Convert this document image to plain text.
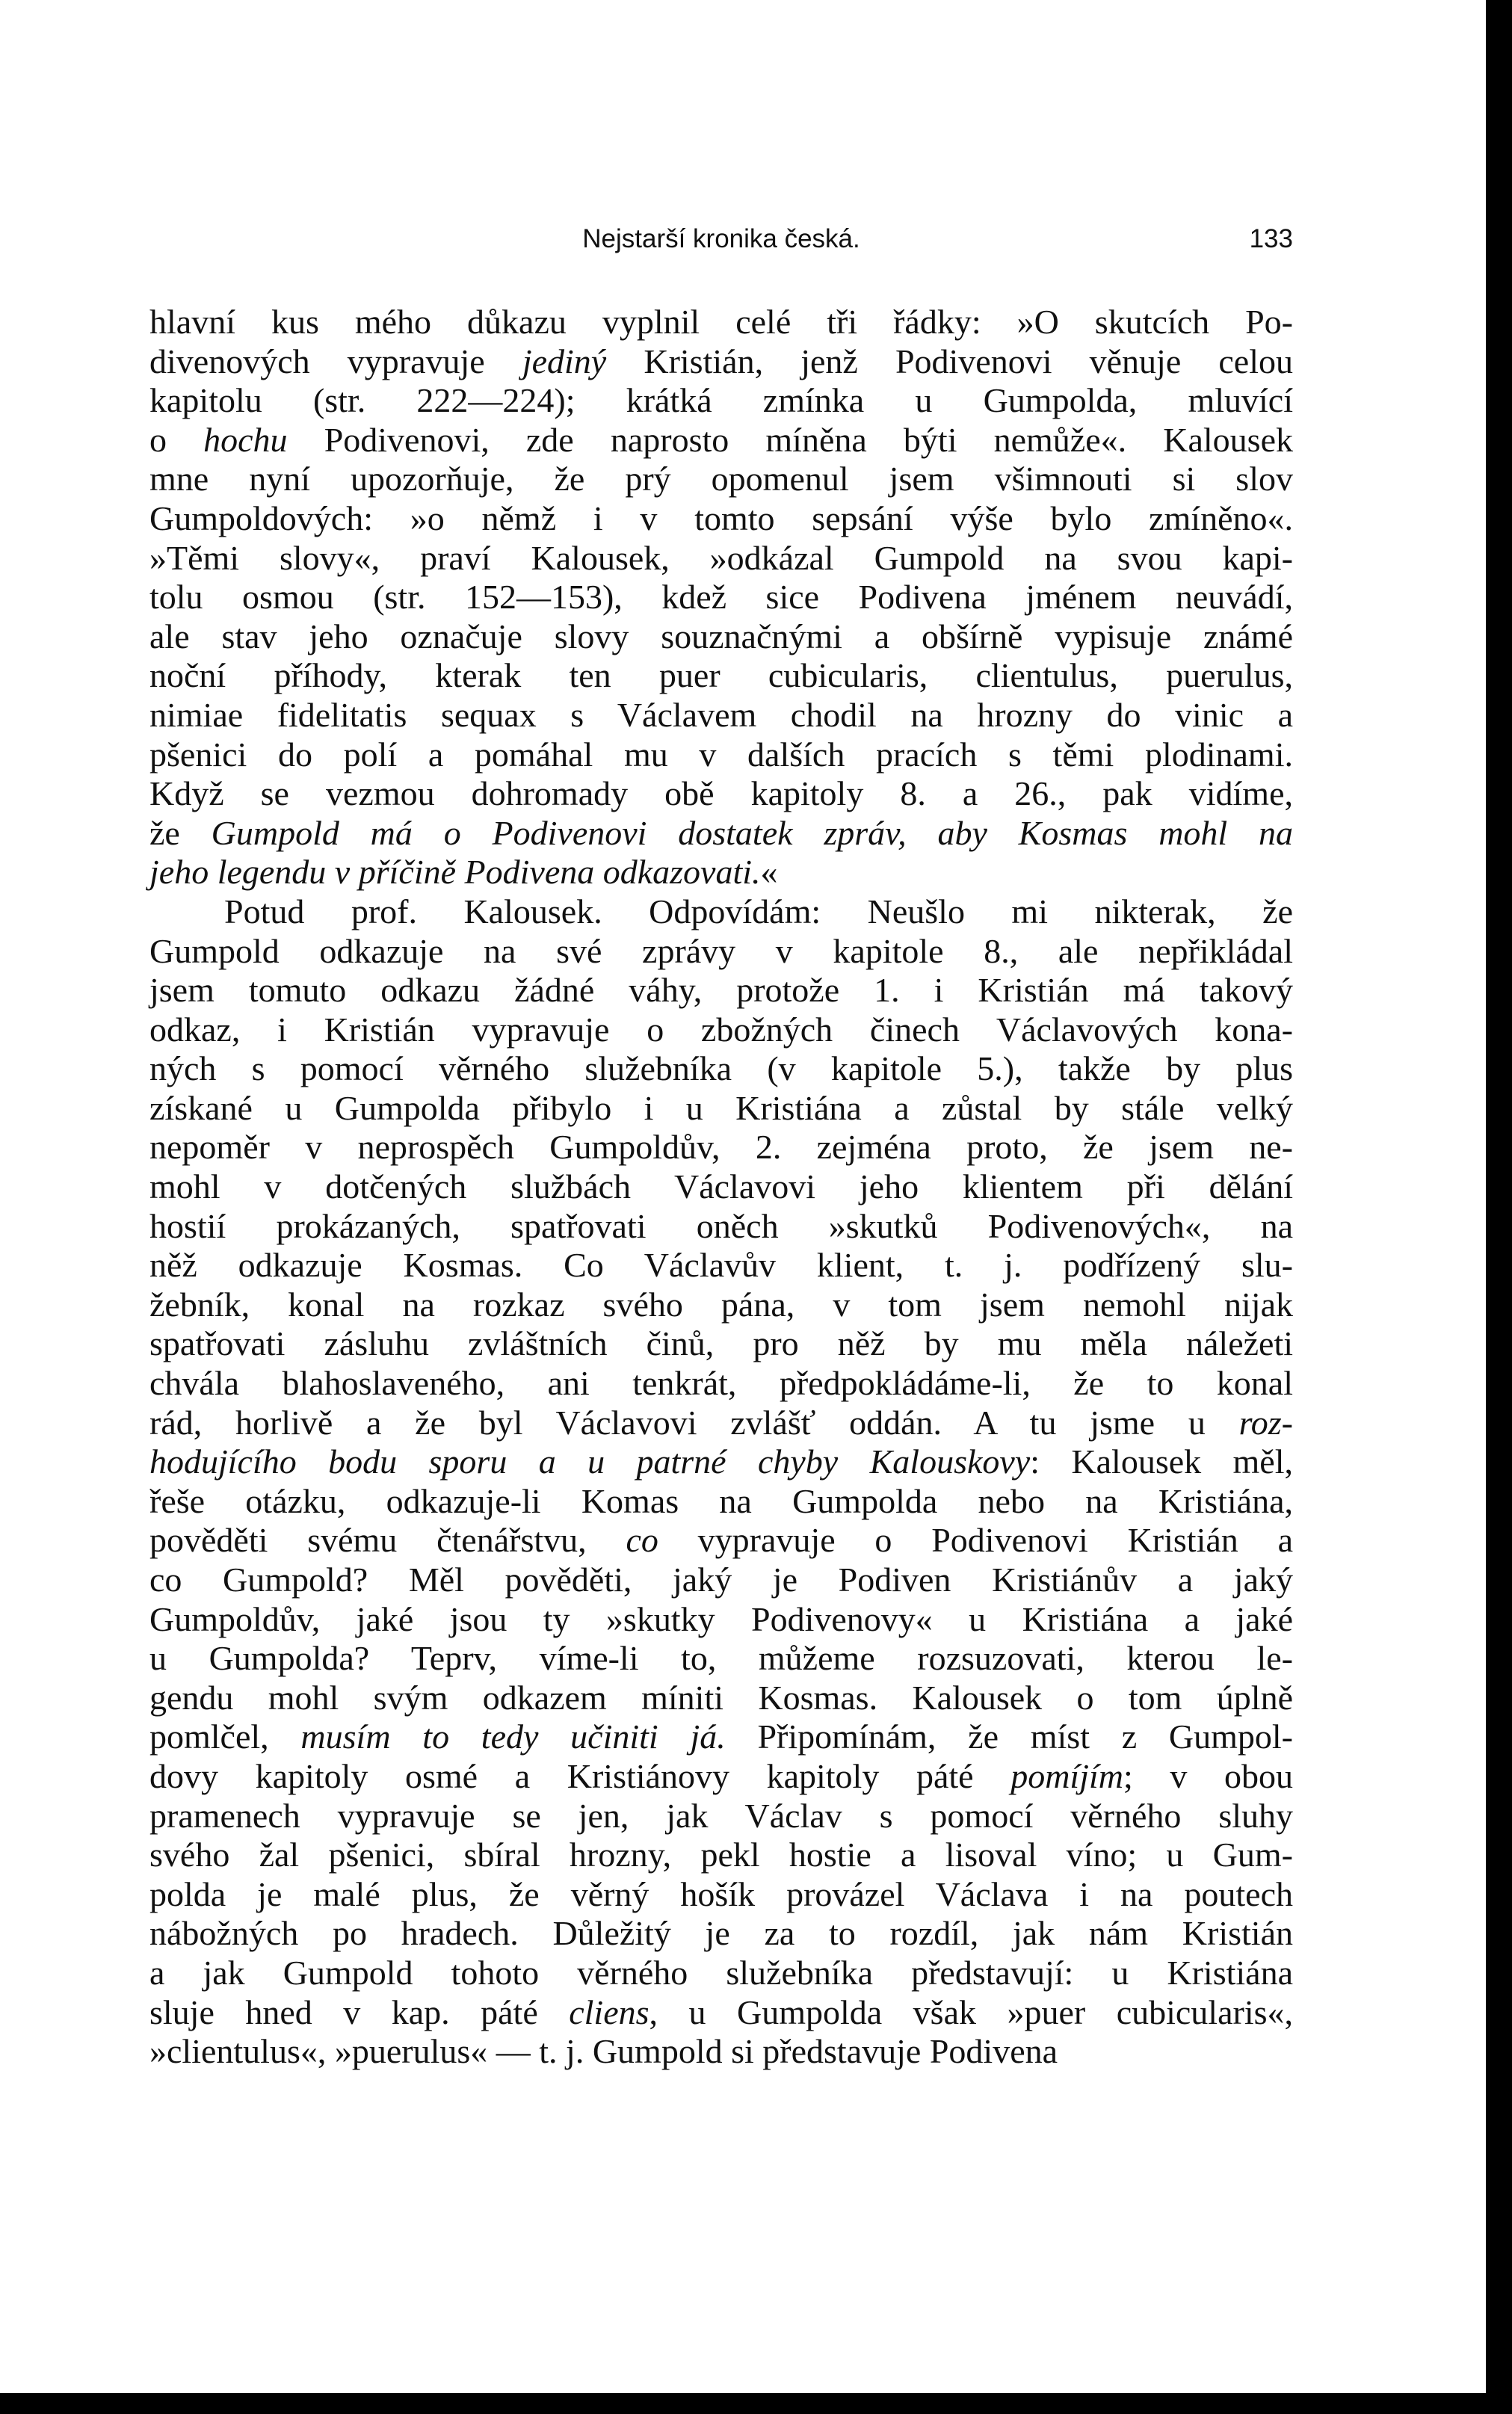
Nejstarší kronika česká.	133
hlavní kus mého důkazu vyplnil celé tři řádky: »O skutcích Po-
divenových vypravuje jediný Kristián, jenž Podivenovi věnuje celou
kapitolu (str. 222—224); krátká zmínka u Gumpolda, mluvící
o hochu Podivenovi, zde naprosto míněna býti nemůže«. Kalousek
mne nyní upozorňuje, že prý opomenul jsem všimnouti si slov
Gumpoldových: »o němž i v tomto sepsání výše bylo zmíněno«.
»Těmi slovy«, praví Kalousek, »odkázal Gumpold na svou kapi-
tolu osmou (str. 152—153), kdež sice Podivena jménem neuvádí,
ale stav jeho označuje slovy souznačnými a obšírně vypisuje známé
noční příhody, kterak ten puer cubicularis, clientulus, puerulus,
nimiae fidelitatis sequax s Václavem chodil na hrozny do vinic a
pšenici do polí a pomáhal mu v dalších pracích s těmi plodinami.
Když se vezmou dohromady obě kapitoly 8. a 26., pak vidíme,
že Gumpold má o Podivenovi dostatek zpráv, aby Kosmas mohl na
jeho legendu v příčině Podivena odkazovati.«
Potud prof. Kalousek. Odpovídám: Neušlo mi nikterak, že
Gumpold odkazuje na své zprávy v kapitole 8., ale nepřikládal
jsem tomuto odkazu žádné váhy, protože 1. i Kristián má takový
odkaz, i Kristián vypravuje o zbožných činech Václavových kona-
ných s pomocí věrného služebníka (v kapitole 5.), takže by plus
získané u Gumpolda přibylo i u Kristiána a zůstal by stále velký
nepoměr v neprospěch Gumpoldův, 2. zejména proto, že jsem ne-
mohl v dotčených službách Václavovi jeho klientem při dělání
hostií prokázaných, spatřovati oněch »skutků Podivenových«, na
něž odkazuje Kosmas. Co Václavův klient, t. j. podřízený slu-
žebník, konal na rozkaz svého pána, v tom jsem nemohl nijak
spatřovati zásluhu zvláštních činů, pro něž by mu měla náležeti
chvála blahoslaveného, ani tenkrát, předpokládáme-li, že to konal
rád, horlivě a že byl Václavovi zvlášť oddán. A tu jsme u roz-
hodujícího bodu sporu a u patrné chyby Kalouskovy: Kalousek měl,
řeše otázku, odkazuje-li Komas na Gumpolda nebo na Kristiána,
pověděti svému čtenářstvu, co vypravuje o Podivenovi Kristián a
co Gumpold? Měl pověděti, jaký je Podiven Kristiánův a jaký
Gumpoldův, jaké jsou ty »skutky Podivenovy« u Kristiána a jaké
u Gumpolda? Teprv, víme-li to, můžeme rozsuzovati, kterou le-
gendu mohl svým odkazem míniti Kosmas. Kalousek o tom úplně
pomlčel, musím to tedy učiniti já. Připomínám, že míst z Gumpol-
dovy kapitoly osmé a Kristiánovy kapitoly páté pomíjím; v obou
pramenech vypravuje se jen, jak Václav s pomocí věrného sluhy
svého žal pšenici, sbíral hrozny, pekl hostie a lisoval víno; u Gum-
polda je malé plus, že věrný hošík provázel Václava i na poutech
nábožných po hradech. Důležitý je za to rozdíl, jak nám Kristián
a jak Gumpold tohoto věrného služebníka představují: u Kristiána
sluje hned v kap. páté cliens, u Gumpolda však »puer cubicularis«,
»clientulus«, »puerulus« — t. j. Gumpold si představuje Podivena
